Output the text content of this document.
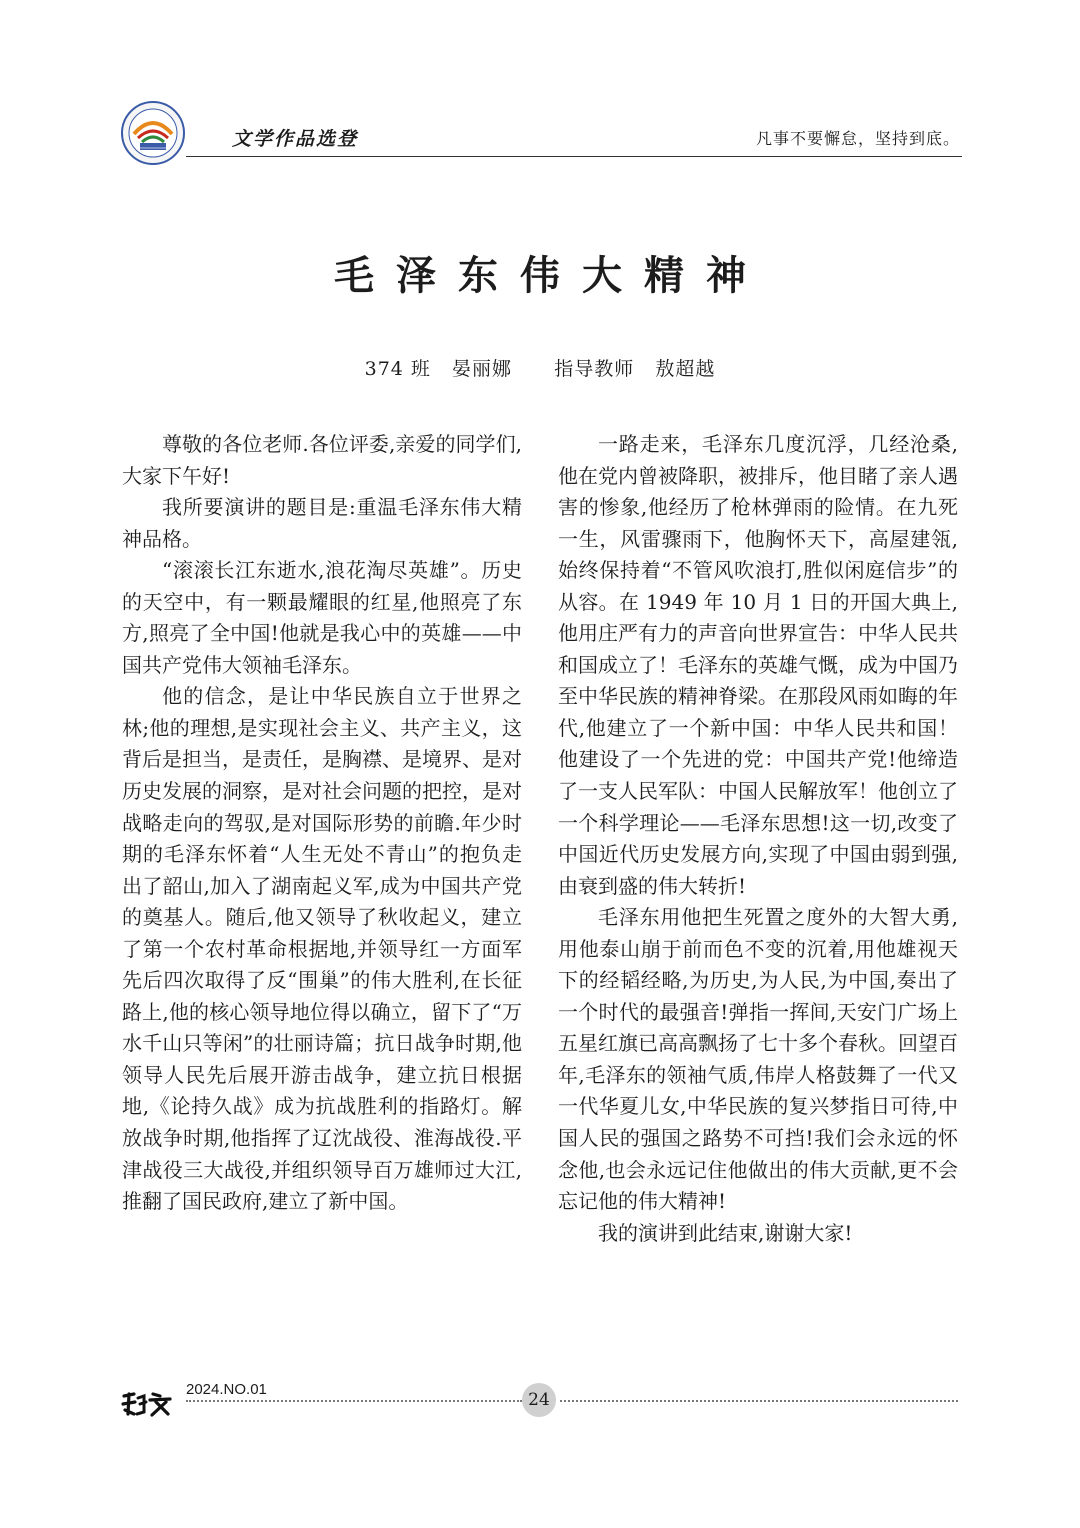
文学作品选登	凡事不要懈怠，坚持到底。
毛泽东伟大精神
374 班   晏丽娜      指导教师   敖超越

尊敬的各位老师.各位评委,亲爱的同学们,大家下午好!

我所要演讲的题目是:重温毛泽东伟大精神品格。

“滚滚长江东逝水,浪花淘尽英雄”。历史的天空中，有一颗最耀眼的红星,他照亮了东方,照亮了全中国!他就是我心中的英雄——中国共产党伟大领袖毛泽东。

他的信念，是让中华民族自立于世界之林;他的理想,是实现社会主义、共产主义，这背后是担当，是责任，是胸襟、是境界、是对历史发展的洞察，是对社会问题的把控，是对战略走向的驾驭,是对国际形势的前瞻.年少时期的毛泽东怀着“人生无处不青山”的抱负走出了韶山,加入了湖南起义军,成为中国共产党的奠基人。随后,他又领导了秋收起义，建立了第一个农村革命根据地,并领导红一方面军先后四次取得了反“围巢”的伟大胜利,在长征路上,他的核心领导地位得以确立，留下了“万水千山只等闲”的壮丽诗篇；抗日战争时期,他领导人民先后展开游击战争，建立抗日根据地,《论持久战》成为抗战胜利的指路灯。解放战争时期,他指挥了辽沈战役、淮海战役.平津战役三大战役,并组织领导百万雄师过大江,推翻了国民政府,建立了新中国。

一路走来，毛泽东几度沉浮，几经沧桑,他在党内曾被降职，被排斥，他目睹了亲人遇害的惨象,他经历了枪林弹雨的险情。在九死一生，风雷骤雨下，他胸怀天下，高屋建瓴,始终保持着“不管风吹浪打,胜似闲庭信步”的从容。在 1949 年 10 月 1 日的开国大典上,他用庄严有力的声音向世界宣告：中华人民共和国成立了！毛泽东的英雄气慨，成为中国乃至中华民族的精神脊梁。在那段风雨如晦的年代,他建立了一个新中国：中华人民共和国！他建设了一个先进的党：中国共产党!他缔造了一支人民军队：中国人民解放军！他创立了一个科学理论——毛泽东思想!这一切,改变了中国近代历史发展方向,实现了中国由弱到强,由衰到盛的伟大转折!

毛泽东用他把生死置之度外的大智大勇,用他泰山崩于前而色不变的沉着,用他雄视天下的经韬经略,为历史,为人民,为中国,奏出了一个时代的最强音!弹指一挥间,天安门广场上五星红旗已高高飘扬了七十多个春秋。回望百年,毛泽东的领袖气质,伟岸人格鼓舞了一代又一代华夏儿女,中华民族的复兴梦指日可待,中国人民的强国之路势不可挡!我们会永远的怀念他,也会永远记住他做出的伟大贡献,更不会忘记他的伟大精神!

我的演讲到此结束,谢谢大家!

2024.NO.01
24
